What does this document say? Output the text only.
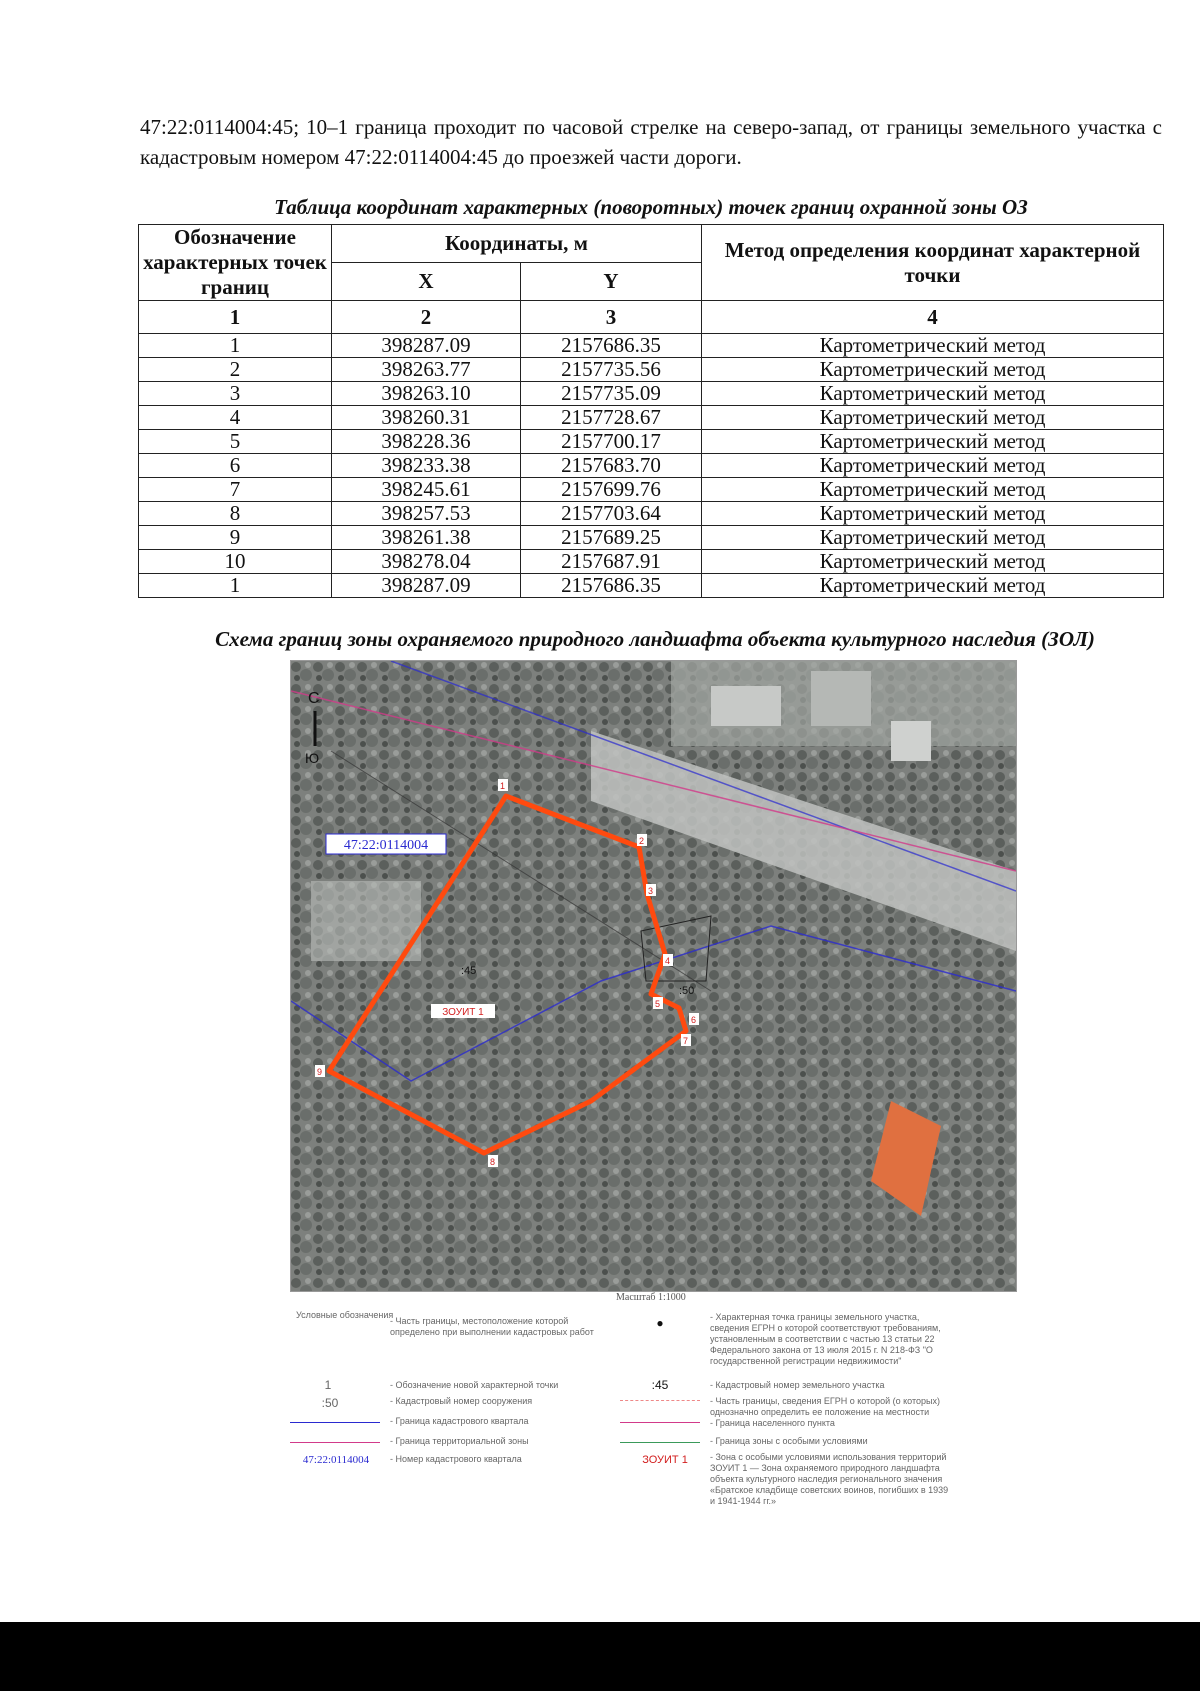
47:22:0114004:45; 10–1 граница проходит по часовой стрелке на северо-запад, от границы земельного участка с кадастровым номером 47:22:0114004:45 до проезжей части дороги.

Таблица координат характерных (поворотных) точек границ охранной зоны ОЗ

Обозначение характерных точек границ	Координаты, м		Метод определения координат характерной точки
	X	Y	
1	2	3	4
1	398287.09	2157686.35	Картометрический метод
2	398263.77	2157735.56	Картометрический метод
3	398263.10	2157735.09	Картометрический метод
4	398260.31	2157728.67	Картометрический метод
5	398228.36	2157700.17	Картометрический метод
6	398233.38	2157683.70	Картометрический метод
7	398245.61	2157699.76	Картометрический метод
8	398257.53	2157703.64	Картометрический метод
9	398261.38	2157689.25	Картометрический метод
10	398278.04	2157687.91	Картометрический метод
1	398287.09	2157686.35	Картометрический метод

Схема границ зоны охраняемого природного ландшафта объекта культурного наследия (ЗОЛ)

С
Ю
47:22:0114004
:45
:50
ЗОУИТ 1
1
2
3
4
5
6
7
8
9
Масштаб 1:1000
Условные обозначения
- Часть границы, местоположение которой определено при выполнении кадастровых работ
1	- Обозначение новой характерной точки
:50	- Кадастровый номер сооружения
- Граница кадастрового квартала
- Граница территориальной зоны
47:22:0114004	- Номер кадастрового квартала
●	- Характерная точка границы земельного участка, сведения ЕГРН о которой соответствуют требованиям, установленным в соответствии с частью 13 статьи 22 Федерального закона от 13 июля 2015 г. N 218-ФЗ "О государственной регистрации недвижимости"
:45	- Кадастровый номер земельного участка
- Часть границы, сведения ЕГРН о которой (о которых) однозначно определить ее положение на местности
- Граница населенного пункта
- Граница зоны с особыми условиями
ЗОУИТ 1	- Зона с особыми условиями использования территорий ЗОУИТ 1 — Зона охраняемого природного ландшафта объекта культурного наследия регионального значения «Братское кладбище советских воинов, погибших в 1939 и 1941-1944 гг.»
